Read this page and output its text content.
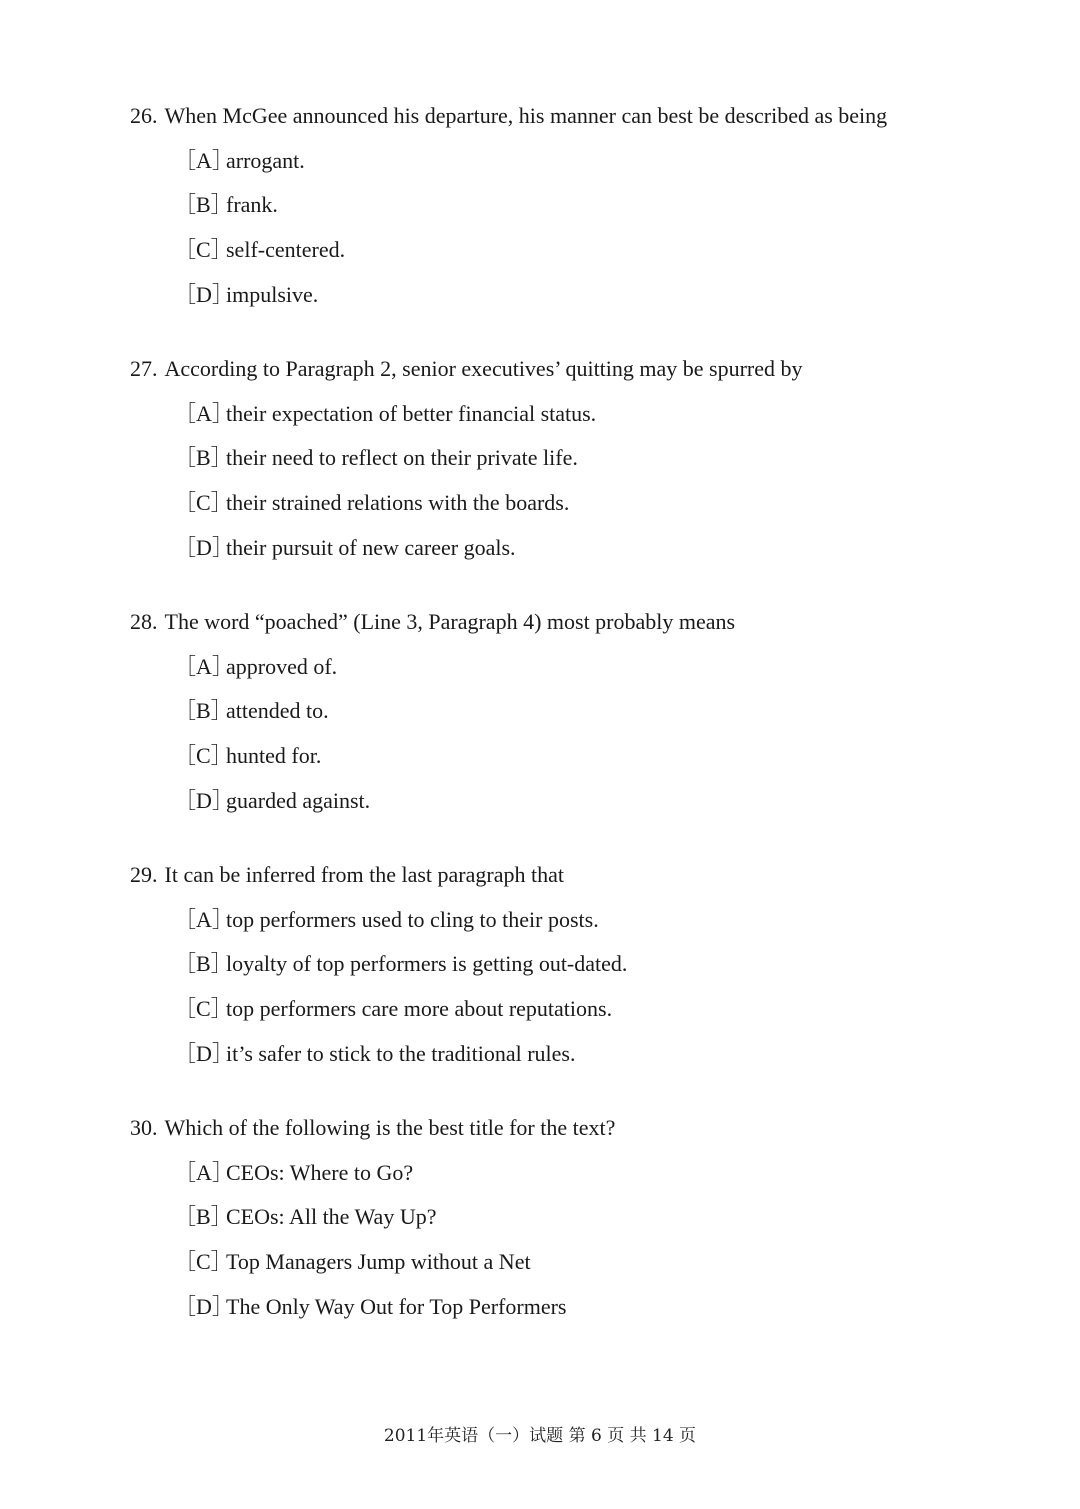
26. When McGee announced his departure, his manner can best be described as being
［A］arrogant.
［B］frank.
［C］self-centered.
［D］impulsive.
27. According to Paragraph 2, senior executives’ quitting may be spurred by
［A］their expectation of better financial status.
［B］their need to reflect on their private life.
［C］their strained relations with the boards.
［D］their pursuit of new career goals.
28. The word “poached” (Line 3, Paragraph 4) most probably means
［A］approved of.
［B］attended to.
［C］hunted for.
［D］guarded against.
29. It can be inferred from the last paragraph that
［A］top performers used to cling to their posts.
［B］loyalty of top performers is getting out-dated.
［C］top performers care more about reputations.
［D］it’s safer to stick to the traditional rules.
30. Which of the following is the best title for the text?
［A］CEOs: Where to Go?
［B］CEOs: All the Way Up?
［C］Top Managers Jump without a Net
［D］The Only Way Out for Top Performers
2011年英语（一）试题 第 6 页 共 14 页
